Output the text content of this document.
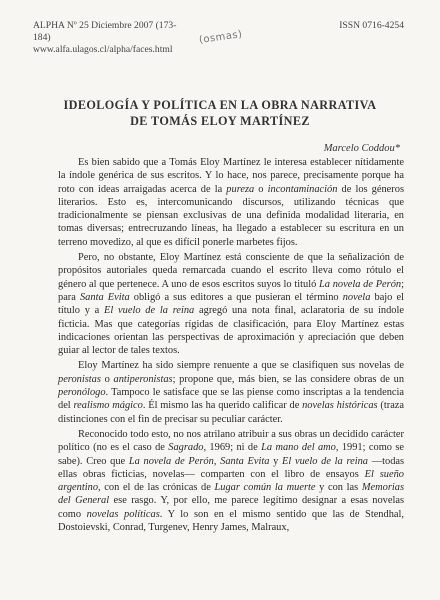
ALPHA Nº 25 Diciembre 2007 (173-184)
www.alfa.ulagos.cl/alpha/faces.html
(osmas)
ISSN 0716-4254
IDEOLOGÍA Y POLÍTICA EN LA OBRA NARRATIVA
DE TOMÁS ELOY MARTÍNEZ
Marcelo Coddou*

Es bien sabido que a Tomás Eloy Martínez le interesa establecer nítidamente la índole genérica de sus escritos. Y lo hace, nos parece, precisamente porque ha roto con ideas arraigadas acerca de la pureza o incontaminación de los géneros literarios. Esto es, intercomunicando discursos, utilizando técnicas que tradicionalmente se piensan exclusivas de una definida modalidad literaria, en tomas diversas; entrecruzando líneas, ha llegado a establecer su escritura en un terreno movedizo, al que es difícil ponerle marbetes fijos.

Pero, no obstante, Eloy Martínez está consciente de que la señalización de propósitos autoriales queda remarcada cuando el escrito lleva como rótulo el género al que pertenece. A uno de esos escritos suyos lo tituló La novela de Perón; para Santa Evita obligó a sus editores a que pusieran el término novela bajo el título y a El vuelo de la reina agregó una nota final, aclaratoria de su índole ficticia. Mas que categorías rígidas de clasificación, para Eloy Martínez estas indicaciones orientan las perspectivas de aproximación y apreciación que deben guiar al lector de tales textos.

Eloy Martínez ha sido siempre renuente a que se clasifiquen sus novelas de peronistas o antiperonistas; propone que, más bien, se las considere obras de un peronólogo. Tampoco le satisface que se las piense como inscriptas a la tendencia del realismo mágico. Él mismo las ha querido calificar de novelas históricas (traza distinciones con el fin de precisar su peculiar carácter.

Reconocido todo esto, no nos atrilano atribuir a sus obras un decidido carácter político (no es el caso de Sagrado, 1969; ni de La mano del amo, 1991; como se sabe). Creo que La novela de Perón, Santa Evita y El vuelo de la reina —todas ellas obras ficticias, novelas— comparten con el libro de ensayos El sueño argentino, con el de las crónicas de Lugar común la muerte y con las Memorias del General ese rasgo. Y, por ello, me parece legítimo designar a esas novelas como novelas políticas. Y lo son en el mismo sentido que las de Stendhal, Dostoievski, Conrad, Turgenev, Henry James, Malraux,
